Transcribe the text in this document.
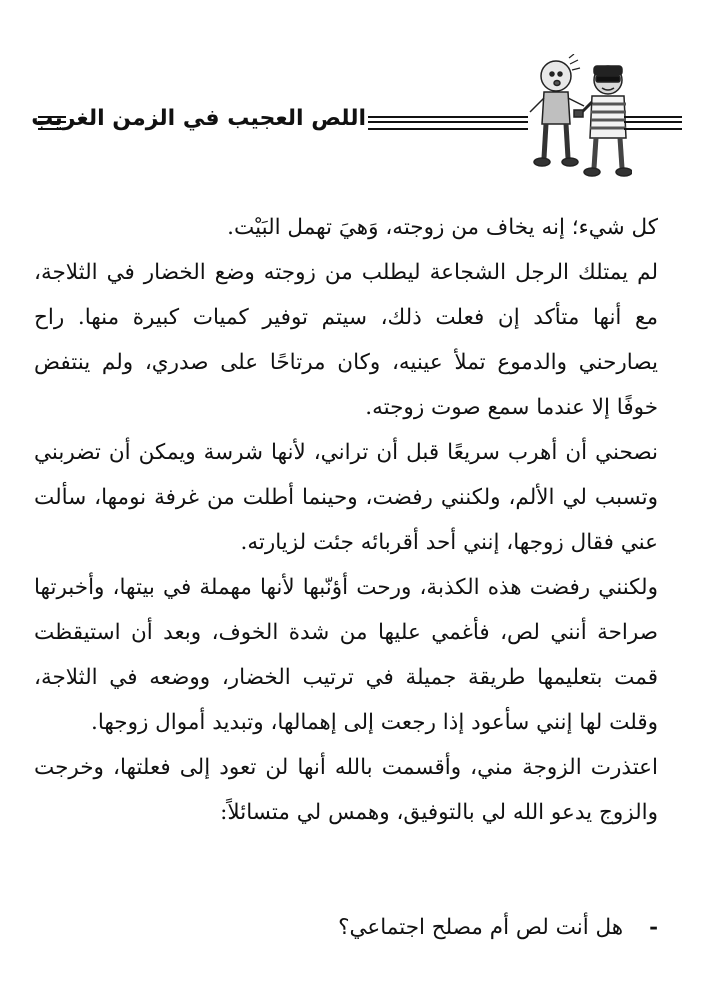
اللص العجيب في الزمن الغريب

كل شيء؛ إنه يخاف من زوجته، وَهيَ تهمل البَيْت.

لم يمتلك الرجل الشجاعة ليطلب من زوجته وضع الخضار في الثلاجة، مع أنها متأكد إن فعلت ذلك، سيتم توفير كميات كبيرة منها. راح يصارحني والدموع تملأ عينيه، وكان مرتاحًا على صدري، ولم ينتفض خوفًا إلا عندما سمع صوت زوجته.

نصحني أن أهرب سريعًا قبل أن تراني، لأنها شرسة ويمكن أن تضربني وتسبب لي الألم، ولكنني رفضت، وحينما أطلت من غرفة نومها، سألت عني فقال زوجها، إنني أحد أقربائه جئت لزيارته.

ولكنني رفضت هذه الكذبة، ورحت أؤنّبها لأنها مهملة في بيتها، وأخبرتها صراحة أنني لص، فأغمي عليها من شدة الخوف، وبعد أن استيقظت قمت بتعليمها طريقة جميلة في ترتيب الخضار، ووضعه في الثلاجة، وقلت لها إنني سأعود إذا رجعت إلى إهمالها، وتبديد أموال زوجها.

اعتذرت الزوجة مني، وأقسمت بالله أنها لن تعود إلى فعلتها، وخرجت والزوج يدعو الله لي بالتوفيق، وهمس لي متسائلاً:

- هل أنت لص أم مصلح اجتماعي؟
